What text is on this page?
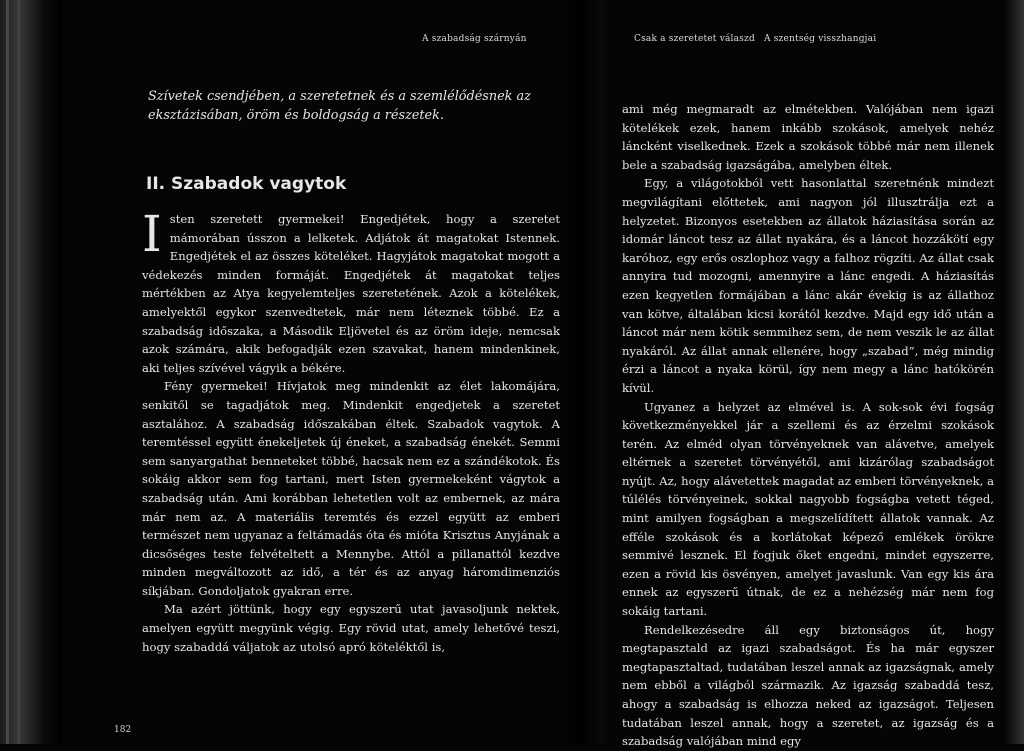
A szabadság szárnyán
Szívetek csendjében, a szeretetnek és a szemlélődésnek az eksztázisában, öröm és boldogság a részetek.
II. Szabadok vagytok

Isten szeretett gyermekei! Engedjétek, hogy a szeretet mámorában ússzon a lelketek. Adjátok át magatokat Istennek. Engedjétek el az összes köteléket. Hagyjátok magatokat mogott a védekezés minden formáját. Engedjétek át magatokat teljes mértékben az Atya kegyelemteljes szeretetének. Azok a kötelékek, amelyektől egykor szenvedtetek, már nem léteznek többé. Ez a szabadság időszaka, a Második Eljövetel és az öröm ideje, nemcsak azok számára, akik befogadják ezen szavakat, hanem mindenkinek, aki teljes szívével vágyik a békére.

Fény gyermekei! Hívjatok meg mindenkit az élet lakomájára, senkitől se tagadjátok meg. Mindenkit engedjetek a szeretet asztalához. A szabadság időszakában éltek. Szabadok vagytok. A teremtéssel együtt énekeljetek új éneket, a szabadság énekét. Semmi sem sanyargathat benneteket többé, hacsak nem ez a szándékotok. És sokáig akkor sem fog tartani, mert Isten gyermekeként vágytok a szabadság után. Ami korábban lehetetlen volt az embernek, az mára már nem az. A materiális teremtés és ezzel együtt az emberi természet nem ugyanaz a feltámadás óta és mióta Krisztus Anyjának a dicsőséges teste felvételtett a Mennybe. Attól a pillanattól kezdve minden megváltozott az idő, a tér és az anyag háromdimenziós síkjában. Gondoljatok gyakran erre.

Ma azért jöttünk, hogy egy egyszerű utat javasoljunk nektek, amelyen együtt megyünk végig. Egy rövid utat, amely lehetővé teszi, hogy szabaddá váljatok az utolsó apró köteléktől is,

182
Csak a szeretetet válaszd A szentség visszhangjai

ami még megmaradt az elmétekben. Valójában nem igazi kötelékek ezek, hanem inkább szokások, amelyek nehéz láncként viselkednek. Ezek a szokások többé már nem illenek bele a szabadság igazságába, amelyben éltek.

Egy, a világotokból vett hasonlattal szeretnénk mindezt megvilágítani előttetek, ami nagyon jól illusztrálja ezt a helyzetet. Bizonyos esetekben az állatok háziasítása során az idomár láncot tesz az állat nyakára, és a láncot hozzákötí egy karóhoz, egy erős oszlophoz vagy a falhoz rögzíti. Az állat csak annyira tud mozogni, amennyire a lánc engedi. A háziasítás ezen kegyetlen formájában a lánc akár évekig is az állathoz van kötve, általában kicsi korától kezdve. Majd egy idő után a láncot már nem kötik semmihez sem, de nem veszik le az állat nyakáról. Az állat annak ellenére, hogy „szabad”, még mindig érzi a láncot a nyaka körül, így nem megy a lánc hatókörén kívül.

Ugyanez a helyzet az elmével is. A sok-sok évi fogság következményekkel jár a szellemi és az érzelmi szokások terén. Az elméd olyan törvényeknek van alávetve, amelyek eltérnek a szeretet törvényétől, ami kizárólag szabadságot nyújt. Az, hogy alávetettek magadat az emberi törvényeknek, a túlélés törvényeinek, sokkal nagyobb fogságba vetett téged, mint amilyen fogságban a megszelídített állatok vannak. Az efféle szokások és a korlátokat képező emlékek örökre semmivé lesznek. El fogjuk őket engedni, mindet egyszerre, ezen a rövid kis ösvényen, amelyet javaslunk. Van egy kis ára ennek az egyszerű útnak, de ez a nehézség már nem fog sokáig tartani.

Rendelkezésedre áll egy biztonságos út, hogy megtapasztald az igazi szabadságot. És ha már egyszer megtapasztaltad, tudatában leszel annak az igazságnak, amely nem ebből a világból származik. Az igazság szabaddá tesz, ahogy a szabadság is elhozza neked az igazságot. Teljesen tudatában leszel annak, hogy a szeretet, az igazság és a szabadság valójában mind egy
